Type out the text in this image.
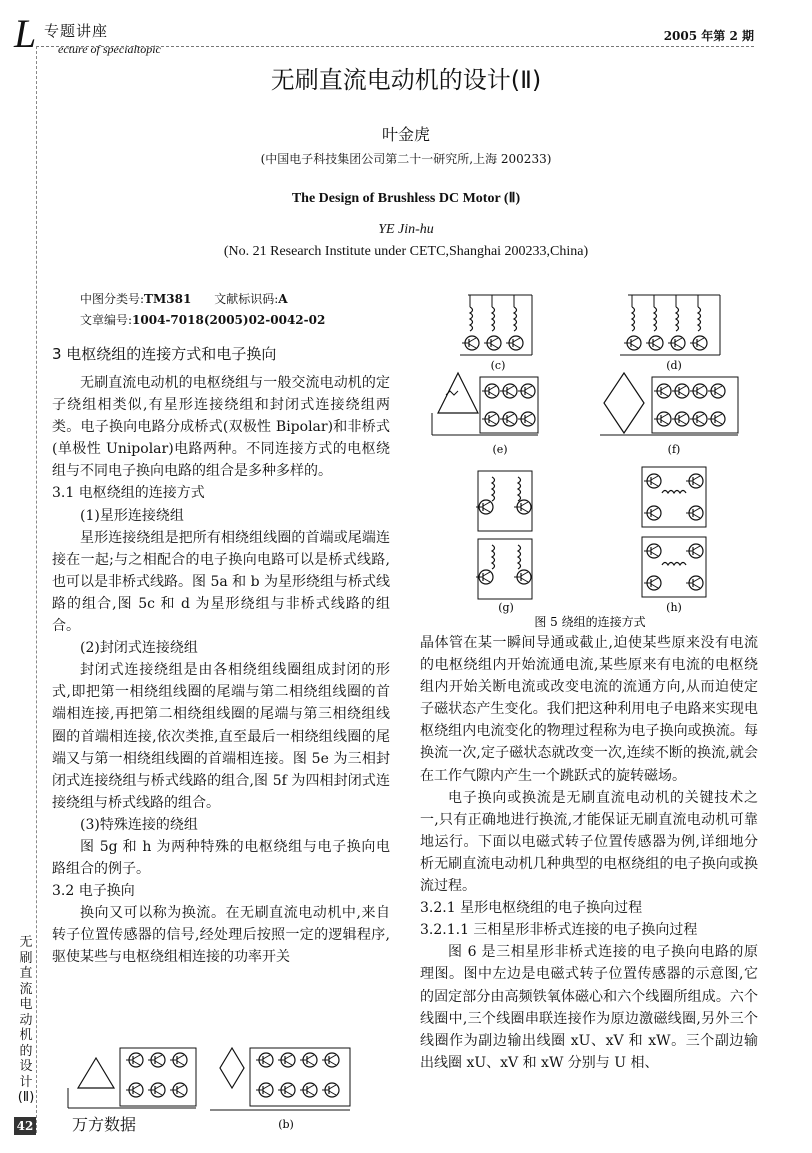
L 专题讲座
ecture of specialtopic
2005 年第 2 期
无刷直流电动机的设计(Ⅱ)
叶金虎
(中国电子科技集团公司第二十一研究所,上海 200233)
The Design of Brushless DC Motor (Ⅱ)
YE Jin-hu
(No. 21 Research Institute under CETC,Shanghai 200233,China)
中图分类号:TM381 文献标识码:A
文章编号:1004-7018(2005)02-0042-02
3 电枢绕组的连接方式和电子换向

无刷直流电动机的电枢绕组与一般交流电动机的定子绕组相类似,有星形连接绕组和封闭式连接绕组两类。电子换向电路分成桥式(双极性 Bipolar)和非桥式(单极性 Unipolar)电路两种。不同连接方式的电枢绕组与不同电子换向电路的组合是多种多样的。

3.1 电枢绕组的连接方式

(1)星形连接绕组

星形连接绕组是把所有相绕组线圈的首端或尾端连接在一起;与之相配合的电子换向电路可以是桥式线路,也可以是非桥式线路。图 5a 和 b 为星形绕组与桥式线路的组合,图 5c 和 d 为星形绕组与非桥式线路的组合。

(2)封闭式连接绕组

封闭式连接绕组是由各相绕组线圈组成封闭的形式,即把第一相绕组线圈的尾端与第二相绕组线圈的首端相连接,再把第二相绕组线圈的尾端与第三相绕组线圈的首端相连接,依次类推,直至最后一相绕组线圈的尾端又与第一相绕组线圈的首端相连接。图 5e 为三相封闭式连接绕组与桥式线路的组合,图 5f 为四相封闭式连接绕组与桥式线路的组合。

(3)特殊连接的绕组

图 5g 和 h 为两种特殊的电枢绕组与电子换向电路组合的例子。

3.2 电子换向

换向又可以称为换流。在无刷直流电动机中,来自转子位置传感器的信号,经处理后按照一定的逻辑程序,驱使某些与电枢绕组相连接的功率开关

晶体管在某一瞬间导通或截止,迫使某些原来没有电流的电枢绕组内开始流通电流,某些原来有电流的电枢绕组内开始关断电流或改变电流的流通方向,从而迫使定子磁状态产生变化。我们把这种利用电子电路来实现电枢绕组内电流变化的物理过程称为电子换向或换流。每换流一次,定子磁状态就改变一次,连续不断的换流,就会在工作气隙内产生一个跳跃式的旋转磁场。

电子换向或换流是无刷直流电动机的关键技术之一,只有正确地进行换流,才能保证无刷直流电动机可靠地运行。下面以电磁式转子位置传感器为例,详细地分析无刷直流电动机几种典型的电枢绕组的电子换向或换流过程。

3.2.1 星形电枢绕组的电子换向过程

3.2.1.1 三相星形非桥式连接的电子换向过程

图 6 是三相星形非桥式连接的电子换向电路的原理图。图中左边是电磁式转子位置传感器的示意图,它的固定部分由高频铁氧体磁心和六个线圈所组成。六个线圈中,三个线圈串联连接作为原边激磁线圈,另外三个线圈作为副边输出线圈 xU、xV 和 xW。三个副边输出线圈 xU、xV 和 xW 分别与 U 相、

(c)	(d)
(e)	(f)
(g)	(h)
图 5 绕组的连接方式
(b)
无刷直流电动机的设计(Ⅱ)
42 万方数据
